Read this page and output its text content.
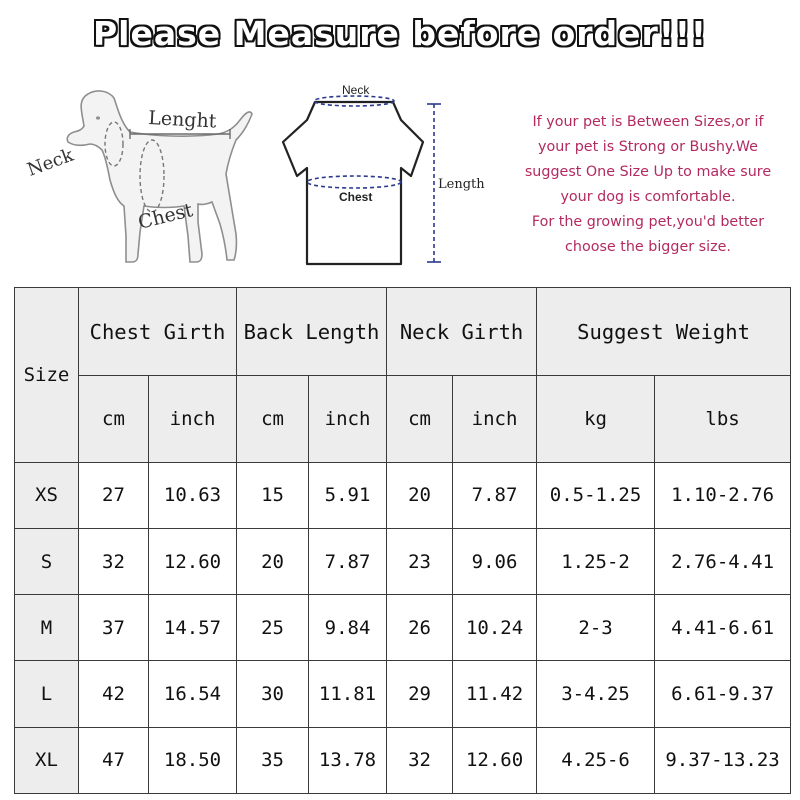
Please Measure before order!!!
Neck
Lenght
Chest
Neck
Chest
Length
If your pet is Between Sizes,or if
your pet is Strong or Bushy.We
suggest One Size Up to make sure
your dog is comfortable.
For the growing pet,you'd better
choose the bigger size.
Size	Chest Girth		Back Length		Neck Girth		Suggest Weight	
	cm	inch	cm	inch	cm	inch	kg	lbs
XS	27	10.63	15	5.91	20	7.87	0.5-1.25	1.10-2.76
S	32	12.60	20	7.87	23	9.06	1.25-2	2.76-4.41
M	37	14.57	25	9.84	26	10.24	2-3	4.41-6.61
L	42	16.54	30	11.81	29	11.42	3-4.25	6.61-9.37
XL	47	18.50	35	13.78	32	12.60	4.25-6	9.37-13.23
